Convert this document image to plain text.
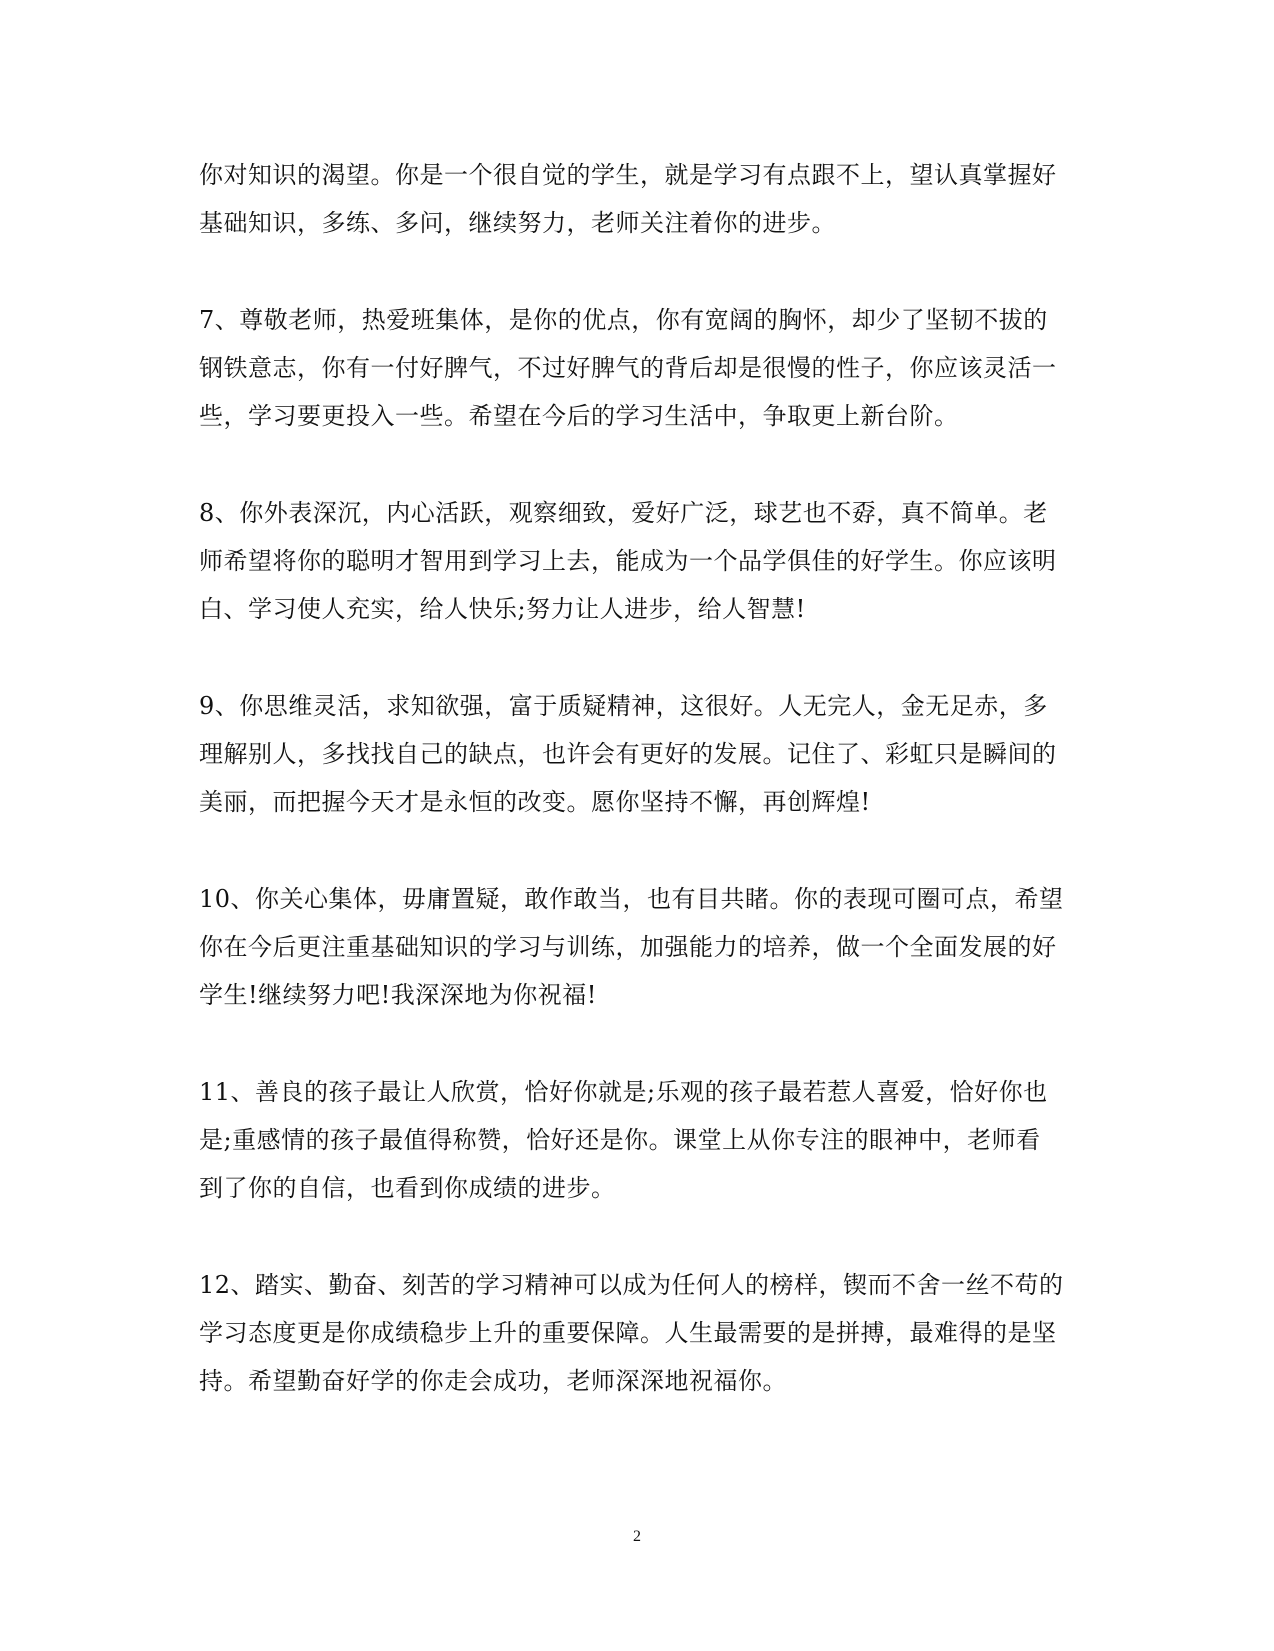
你对知识的渴望。你是一个很自觉的学生，就是学习有点跟不上，望认真掌握好
基础知识，多练、多问，继续努力，老师关注着你的进步。

7、尊敬老师，热爱班集体，是你的优点，你有宽阔的胸怀，却少了坚韧不拔的
钢铁意志，你有一付好脾气，不过好脾气的背后却是很慢的性子，你应该灵活一
些，学习要更投入一些。希望在今后的学习生活中，争取更上新台阶。

8、你外表深沉，内心活跃，观察细致，爱好广泛，球艺也不孬，真不简单。老
师希望将你的聪明才智用到学习上去，能成为一个品学俱佳的好学生。你应该明
白、学习使人充实，给人快乐;努力让人进步，给人智慧!

9、你思维灵活，求知欲强，富于质疑精神，这很好。人无完人，金无足赤，多
理解别人，多找找自己的缺点，也许会有更好的发展。记住了、彩虹只是瞬间的
美丽，而把握今天才是永恒的改变。愿你坚持不懈，再创辉煌!

10、你关心集体，毋庸置疑，敢作敢当，也有目共睹。你的表现可圈可点，希望
你在今后更注重基础知识的学习与训练，加强能力的培养，做一个全面发展的好
学生!继续努力吧!我深深地为你祝福!

11、善良的孩子最让人欣赏，恰好你就是;乐观的孩子最若惹人喜爱，恰好你也
是;重感情的孩子最值得称赞，恰好还是你。课堂上从你专注的眼神中，老师看
到了你的自信，也看到你成绩的进步。

12、踏实、勤奋、刻苦的学习精神可以成为任何人的榜样，锲而不舍一丝不苟的
学习态度更是你成绩稳步上升的重要保障。人生最需要的是拼搏，最难得的是坚
持。希望勤奋好学的你走会成功，老师深深地祝福你。

2
